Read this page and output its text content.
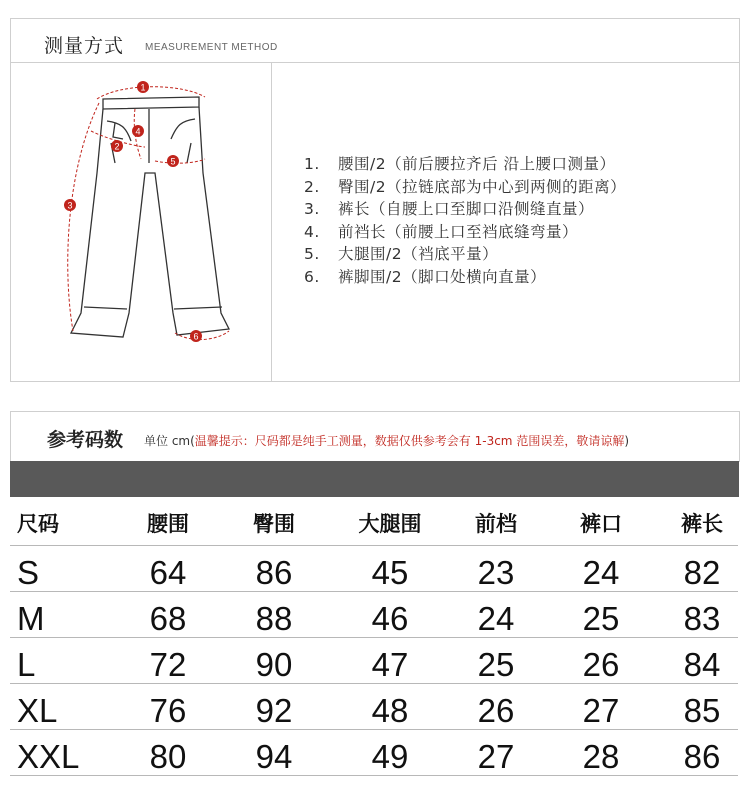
测量方式 MEASUREMENT METHOD
1
2
3
4
5
6
1. 腰围/2（前后腰拉齐后 沿上腰口测量）
2. 臀围/2（拉链底部为中心到两侧的距离）
3. 裤长（自腰上口至脚口沿侧缝直量）
4. 前裆长（前腰上口至裆底缝弯量）
5. 大腿围/2（裆底平量）
6. 裤脚围/2（脚口处横向直量）
参考码数 单位 cm(温馨提示：尺码都是纯手工测量，数据仅供参考会有 1-3cm 范围误差，敬请谅解)
尺码	腰围	臀围	大腿围	前档	裤口	裤长
S	64	86	45	23	24	82
M	68	88	46	24	25	83
L	72	90	47	25	26	84
XL	76	92	48	26	27	85
XXL	80	94	49	27	28	86
